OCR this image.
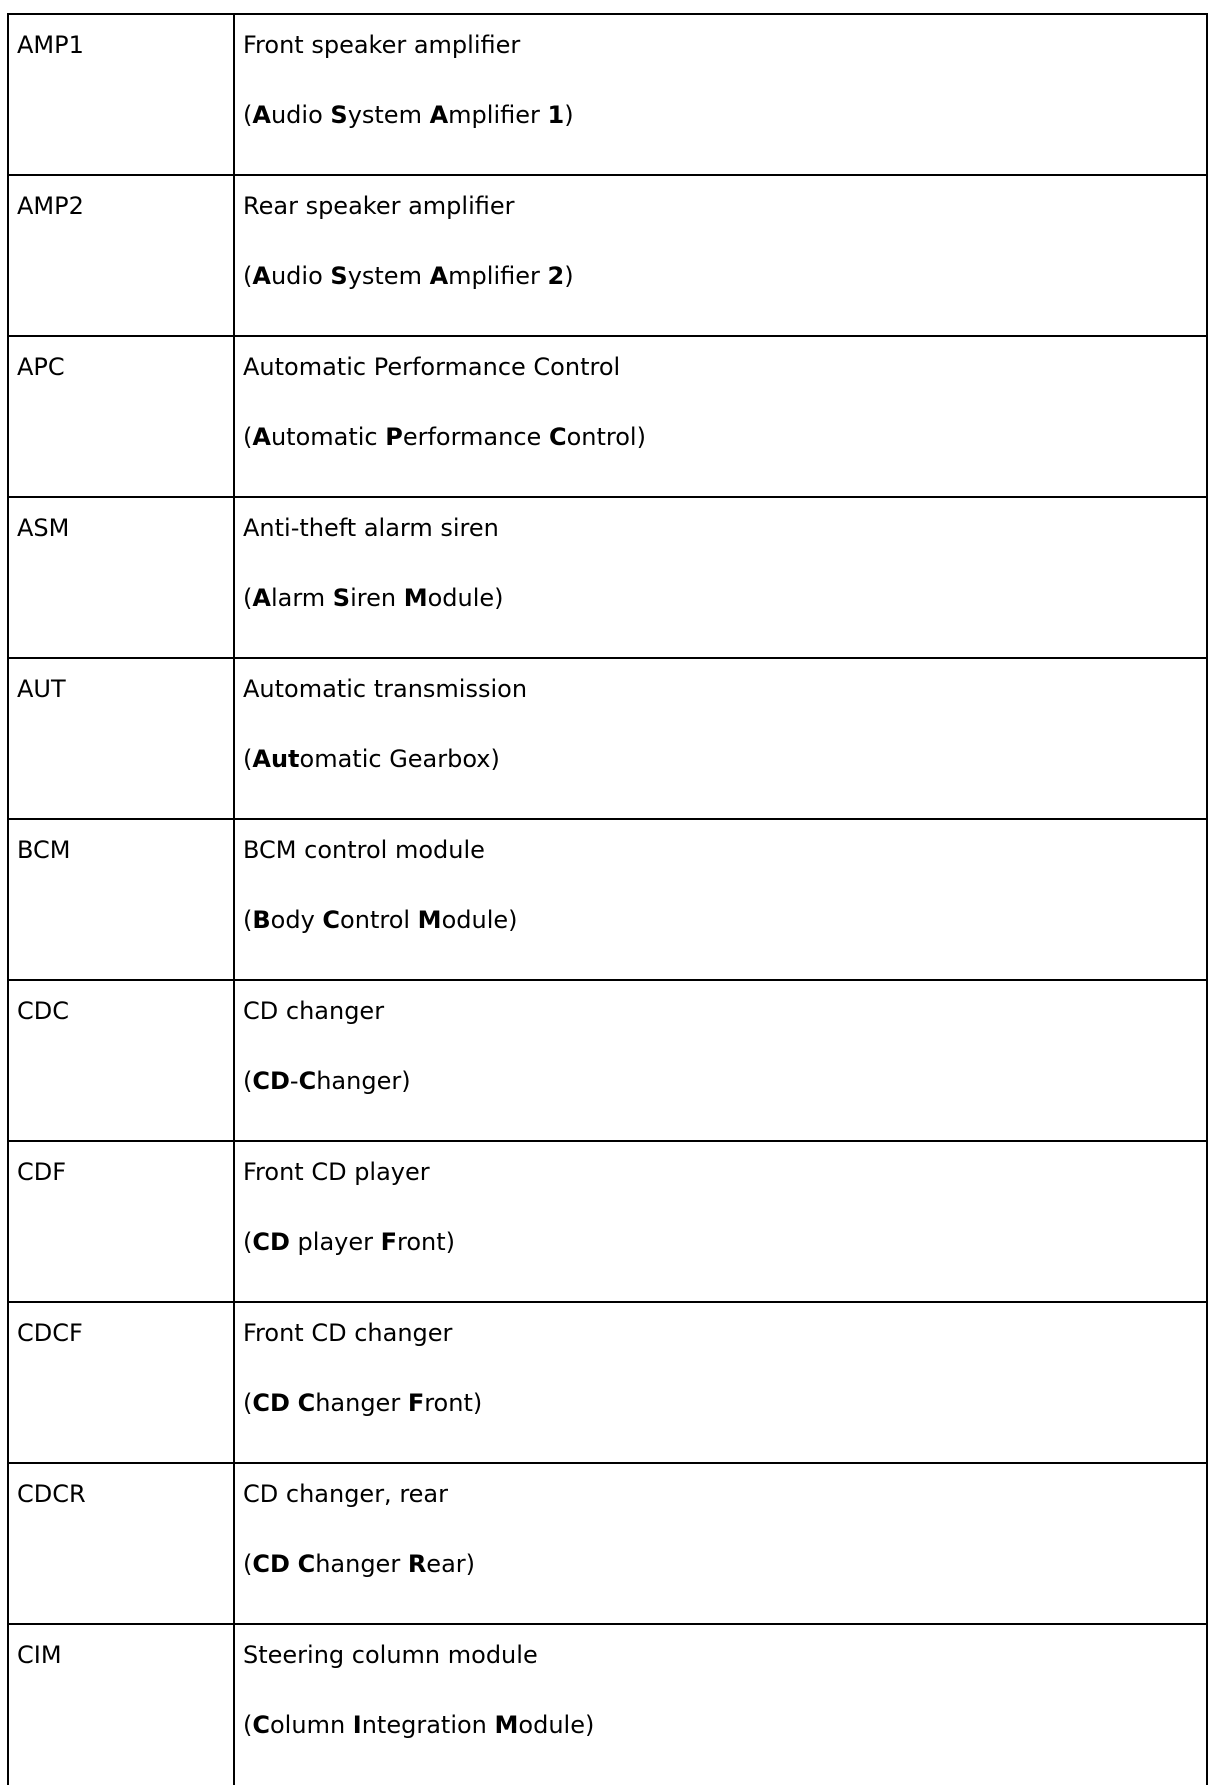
AMP1	Front speaker amplifier
(Audio System Amplifier 1)

AMP2	Rear speaker amplifier
(Audio System Amplifier 2)

APC	Automatic Performance Control
(Automatic Performance Control)

ASM	Anti-theft alarm siren
(Alarm Siren Module)

AUT	Automatic transmission
(Automatic Gearbox)

BCM	BCM control module
(Body Control Module)

CDC	CD changer
(CD-Changer)

CDF	Front CD player
(CD player Front)

CDCF	Front CD changer
(CD Changer Front)

CDCR	CD changer, rear
(CD Changer Rear)

CIM	Steering column module
(Column Integration Module)
